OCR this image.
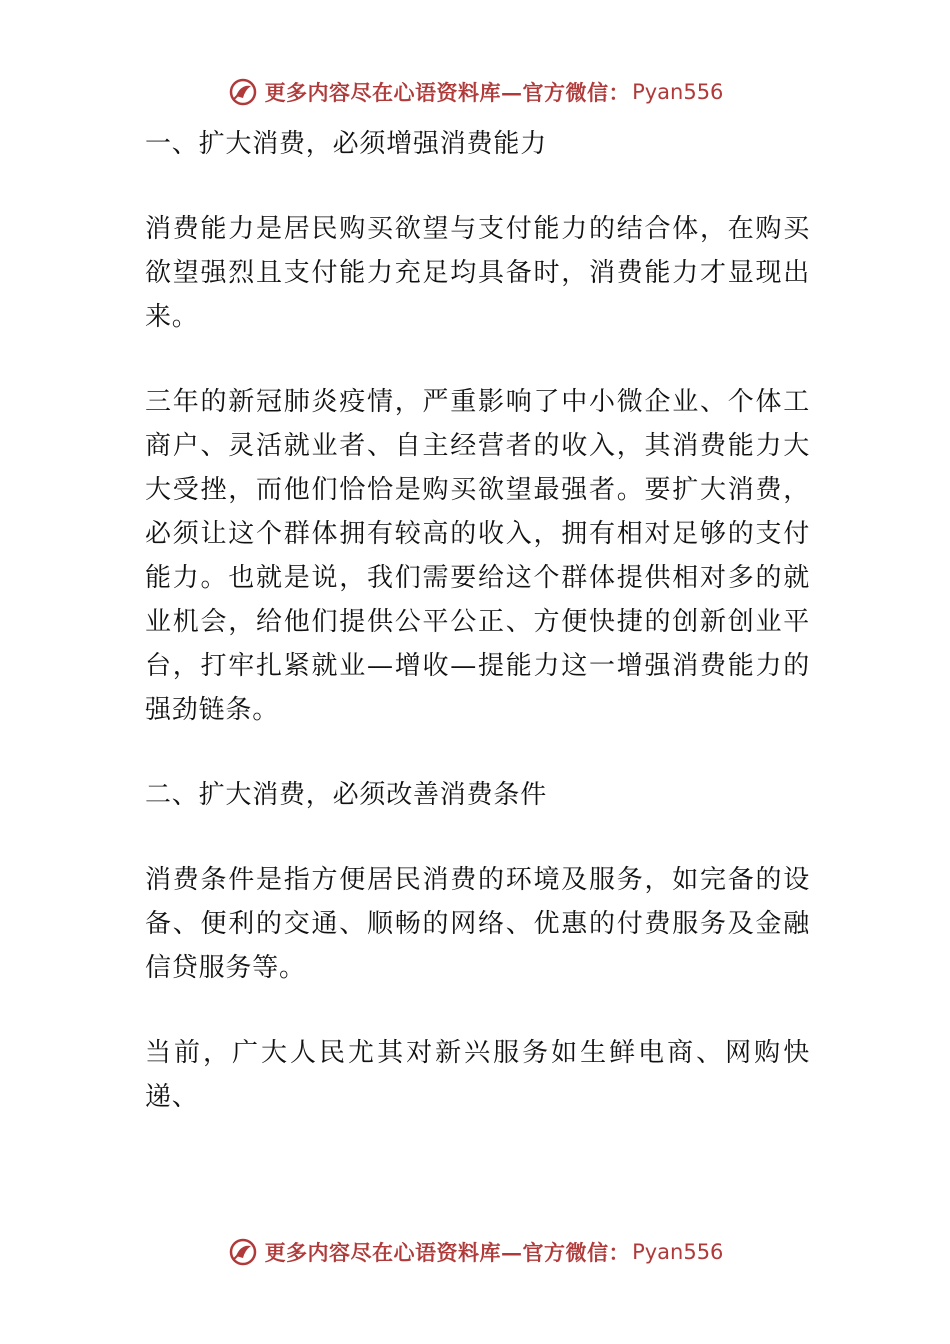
更多内容尽在心语资料库—官方微信： Pyan556

一、扩大消费，必须增强消费能力

消费能力是居民购买欲望与支付能力的结合体，在购买欲望强烈且支付能力充足均具备时，消费能力才显现出来。

三年的新冠肺炎疫情，严重影响了中小微企业、个体工商户、灵活就业者、自主经营者的收入，其消费能力大大受挫，而他们恰恰是购买欲望最强者。要扩大消费，必须让这个群体拥有较高的收入，拥有相对足够的支付能力。也就是说，我们需要给这个群体提供相对多的就业机会，给他们提供公平公正、方便快捷的创新创业平台，打牢扎紧就业—增收—提能力这一增强消费能力的强劲链条。

二、扩大消费，必须改善消费条件

消费条件是指方便居民消费的环境及服务，如完备的设备、便利的交通、顺畅的网络、优惠的付费服务及金融信贷服务等。

当前，广大人民尤其对新兴服务如生鲜电商、网购快递、

更多内容尽在心语资料库—官方微信： Pyan556
